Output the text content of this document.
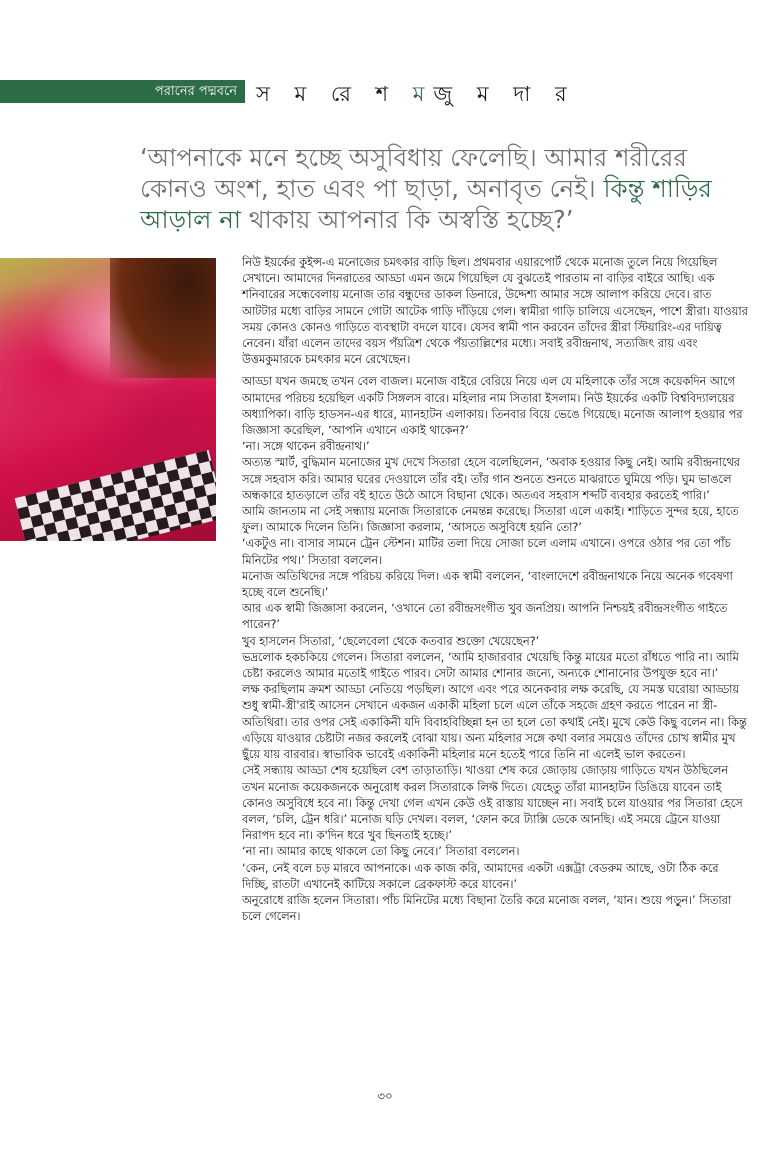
পরানের পদ্মবনে স ম রে শ মজু ম দা র

‘আপনাকে মনে হচ্ছে অসুবিধায় ফেলেছি। আমার শরীরের কোনও অংশ, হাত এবং পা ছাড়া, অনাবৃত নেই। কিন্তু শাড়ির আড়াল না থাকায় আপনার কি অস্বস্তি হচ্ছে?’

নিউ ইয়র্কের কুইন্স-এ মনোজের চমৎকার বাড়ি ছিল। প্রথমবার এয়ারপোর্ট থেকে মনোজ তুলে নিয়ে গিয়েছিল সেখানে। আমাদের দিনরাতের আড্ডা এমন জমে গিয়েছিল যে বুঝতেই পারতাম না বাড়ির বাইরে আছি। এক শনিবারের সন্ধেবেলায় মনোজ তার বন্ধুদের ডাকল ডিনারে, উদ্দেশ্য আমার সঙ্গে আলাপ করিয়ে দেবে। রাত আটটার মধ্যে বাড়ির সামনে গোটা আটেক গাড়ি দাঁড়িয়ে গেল। স্বামীরা গাড়ি চালিয়ে এসেছেন, পাশে স্ত্রীরা। যাওয়ার সময় কোনও কোনও গাড়িতে ব্যবস্থাটা বদলে যাবে। যেসব স্বামী পান করবেন তাঁদের স্ত্রীরা স্টিয়ারিং-এর দায়িত্ব নেবেন। যাঁরা এলেন তাদের বয়স পঁয়ত্রিশ থেকে পঁয়তাল্লিশের মধ্যে। সবাই রবীন্দ্রনাথ, সত্যজিৎ রায় এবং উত্তমকুমারকে চমৎকার মনে রেখেছেন।

আড্ডা যখন জমছে তখন বেল বাজল। মনোজ বাইরে বেরিয়ে নিয়ে এল যে মহিলাকে তাঁর সঙ্গে কয়েকদিন আগে আমাদের পরিচয় হয়েছিল একটি সিঙ্গলস বারে। মহিলার নাম সিতারা ইসলাম। নিউ ইয়র্কের একটি বিশ্ববিদ্যালয়ের অধ্যাপিকা। বাড়ি হাডসন-এর ধারে, ম্যানহাটন এলাকায়। তিনবার বিয়ে ভেঙে গিয়েছে। মনোজ আলাপ হওয়ার পর জিজ্ঞাসা করেছিল, ‘আপনি এখানে একাই থাকেন?’

‘না। সঙ্গে থাকেন রবীন্দ্রনাথ।’

অত্যন্ত স্মার্ট, বুদ্ধিমান মনোজের মুখ দেখে সিতারা হেসে বলেছিলেন, ‘অবাক হওয়ার কিছু নেই। আমি রবীন্দ্রনাথের সঙ্গে সহবাস করি। আমার ঘরের দেওয়ালে তাঁর বই। তাঁর গান শুনতে শুনতে মাঝরাতে ঘুমিয়ে পড়ি। ঘুম ভাঙলে অন্ধকারে হাতড়ালে তাঁর বই হাতে উঠে আসে বিছানা থেকে। অতএব সহবাস শব্দটি ব্যবহার করতেই পারি।’

আমি জানতাম না সেই সন্ধ্যায় মনোজ সিতারাকে নেমন্তন্ন করেছে। সিতারা এলে একাই। শাড়িতে সুন্দর হয়ে, হাতে ফুল। আমাকে দিলেন তিনি। জিজ্ঞাসা করলাম, ‘আসতে অসুবিধে হয়নি তো?’

‘একটুও না। বাসার সামনে ট্রেন স্টেশন। মাটির তলা দিয়ে সোজা চলে এলাম এখানে। ওপরে ওঠার পর তো পাঁচ মিনিটের পথ।’ সিতারা বললেন।

মনোজ অতিথিদের সঙ্গে পরিচয় করিয়ে দিল। এক স্বামী বললেন, ‘বাংলাদেশে রবীন্দ্রনাথকে নিয়ে অনেক গবেষণা হচ্ছে বলে শুনেছি।’

আর এক স্বামী জিজ্ঞাসা করলেন, ‘ওখানে তো রবীন্দ্রসংগীত খুব জনপ্রিয়। আপনি নিশ্চয়ই রবীন্দ্রসংগীত গাইতে পারেন?’

খুব হাসলেন সিতারা, ‘ছেলেবেলা থেকে কতবার শুক্তো খেয়েছেন?’

ভদ্রলোক হকচকিয়ে গেলেন। সিতারা বললেন, ‘আমি হাজারবার খেয়েছি কিন্তু মায়ের মতো রাঁধতে পারি না। আমি চেষ্টা করলেও আমার মতোই গাইতে পারব। সেটা আমার শোনার জন্যে, অন্যকে শোনানোর উপযুক্ত হবে না।’

লক্ষ করছিলাম ক্রমশ আড্ডা নেতিয়ে পড়ছিল। আগে এবং পরে অনেকবার লক্ষ করেছি, যে সমস্ত ঘরোয়া আড্ডায় শুধু স্বামী-স্ত্রী'রাই আসেন সেখানে একজন একাকী মহিলা চলে এলে তাঁকে সহজে গ্রহণ করতে পারেন না স্ত্রী-অতিথিরা। তার ওপর সেই একাকিনী যদি বিবাহবিচ্ছিন্না হন তা হলে তো কথাই নেই। মুখে কেউ কিছু বলেন না। কিন্তু এড়িয়ে যাওয়ার চেষ্টাটা নজর করলেই বোঝা যায়। অন্য মহিলার সঙ্গে কথা বলার সময়েও তাঁদের চোখ স্বামীর মুখ ছুঁয়ে যায় বারবার। স্বাভাবিক ভাবেই একাকিনী মহিলার মনে হতেই পারে তিনি না এলেই ভাল করতেন।

সেই সন্ধ্যায় আড্ডা শেষ হয়েছিল বেশ তাড়াতাড়ি। খাওয়া শেষ করে জোড়ায় জোড়ায় গাড়িতে যখন উঠছিলেন তখন মনোজ কয়েকজনকে অনুরোধ করল সিতারাকে লিফ্ট দিতে। যেহেতু তাঁরা ম্যানহাটন ডিঙিয়ে যাবেন তাই কোনও অসুবিধে হবে না। কিন্তু দেখা গেল এখন কেউ ওই রাস্তায় যাচ্ছেন না। সবাই চলে যাওয়ার পর সিতারা হেসে বলল, ‘চলি, ট্রেন ধরি।’ মনোজ ঘড়ি দেখল। বলল, ‘ফোন করে ট্যাক্সি ডেকে আনছি। এই সময়ে ট্রেনে যাওয়া নিরাপদ হবে না। ক'দিন ধরে খুব ছিনতাই হচ্ছে।’

‘না না। আমার কাছে থাকলে তো কিছু নেবে।’ সিতারা বললেন।

‘কেন, নেই বলে চড় মারবে আপনাকে। এক কাজ করি, আমাদের একটা এক্সট্রা বেডরুম আছে, ওটা ঠিক করে দিচ্ছি, রাতটা এখানেই কাটিয়ে সকালে ব্রেকফাস্ট করে যাবেন।’

অনুরোধে রাজি হলেন সিতারা। পাঁচ মিনিটের মধ্যে বিছানা তৈরি করে মনোজ বলল, ‘যান। শুয়ে পড়ুন।’ সিতারা চলে গেলেন।

৩০
